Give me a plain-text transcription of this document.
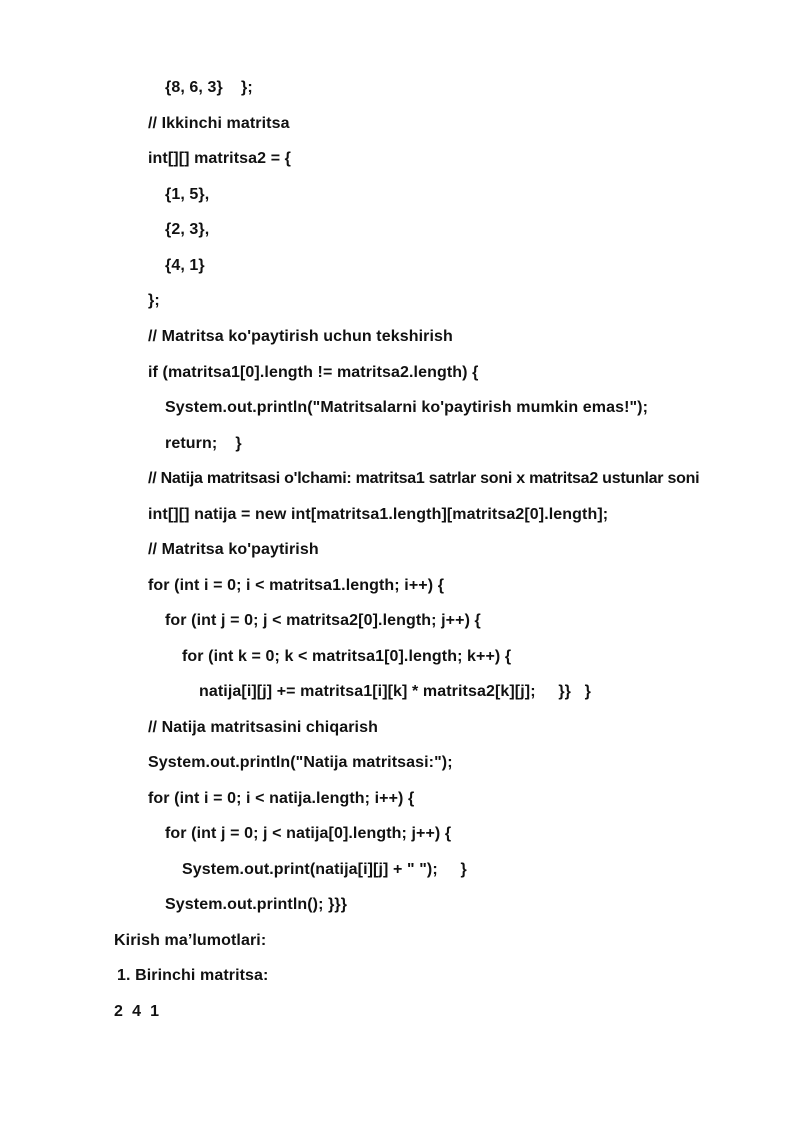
{8, 6, 3}    };
// Ikkinchi matritsa
int[][] matritsa2 = {
{1, 5},
{2, 3},
{4, 1}
};
// Matritsa ko'paytirish uchun tekshirish
if (matritsa1[0].length != matritsa2.length) {
System.out.println("Matritsalarni ko'paytirish mumkin emas!");
return;    }
// Natija matritsasi o'lchami: matritsa1 satrlar soni x matritsa2 ustunlar soni
int[][] natija = new int[matritsa1.length][matritsa2[0].length];
// Matritsa ko'paytirish
for (int i = 0; i < matritsa1.length; i++) {
for (int j = 0; j < matritsa2[0].length; j++) {
for (int k = 0; k < matritsa1[0].length; k++) {
natija[i][j] += matritsa1[i][k] * matritsa2[k][j];     }}   }
// Natija matritsasini chiqarish
System.out.println("Natija matritsasi:");
for (int i = 0; i < natija.length; i++) {
for (int j = 0; j < natija[0].length; j++) {
System.out.print(natija[i][j] + " ");     }
System.out.println(); }}}
Kirish ma’lumotlari:
1. Birinchi matritsa:
2  4  1
